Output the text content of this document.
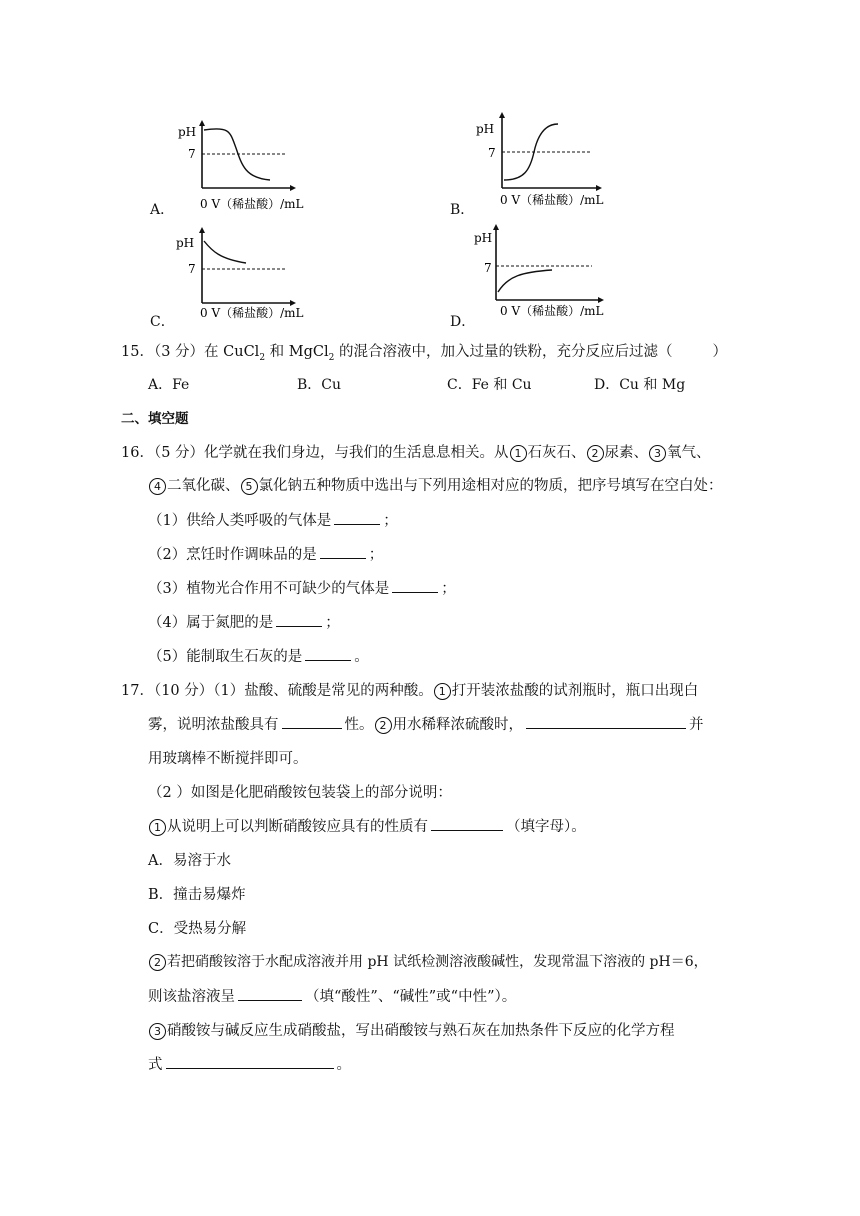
pH
7
0 V（稀盐酸）/mL
A．
pH
7
0 V（稀盐酸）/mL
B．
pH
7
0 V（稀盐酸）/mL
C．
pH
7
0 V（稀盐酸）/mL
D．
15．（3 分）在 CuCl$_2$ 和 MgCl$_2$ 的混合溶液中，加入过量的铁粉，充分反应后过滤（	）
A．Fe	B．Cu	C．Fe 和 Cu	D．Cu 和 Mg
二、填空题
16．（5 分）化学就在我们身边，与我们的生活息息相关。从 1 石灰石、 2 尿素、 3 氧气、
4 二氧化碳、 5 氯化钠五种物质中选出与下列用途相对应的物质，把序号填写在空白处：
（1）供给人类呼吸的气体是	；
（2）烹饪时作调味品的是	；
（3）植物光合作用不可缺少的气体是	；
（4）属于氮肥的是	；
（5）能制取生石灰的是	。
17．（10 分）（1）盐酸、硫酸是常见的两种酸。 1 打开装浓盐酸的试剂瓶时，瓶口出现白
雾，说明浓盐酸具有	性。 2 用水稀释浓硫酸时，	并
用玻璃棒不断搅拌即可。
（2 ）如图是化肥硝酸铵包装袋上的部分说明：
1 从说明上可以判断硝酸铵应具有的性质有	（填字母）。
A．易溶于水
B．撞击易爆炸
C．受热易分解
2 若把硝酸铵溶于水配成溶液并用 pH 试纸检测溶液酸碱性，发现常温下溶液的 pH＝6，
则该盐溶液呈	（填“酸性”、“碱性”或“中性”）。
3 硝酸铵与碱反应生成硝酸盐，写出硝酸铵与熟石灰在加热条件下反应的化学方程
式	。
